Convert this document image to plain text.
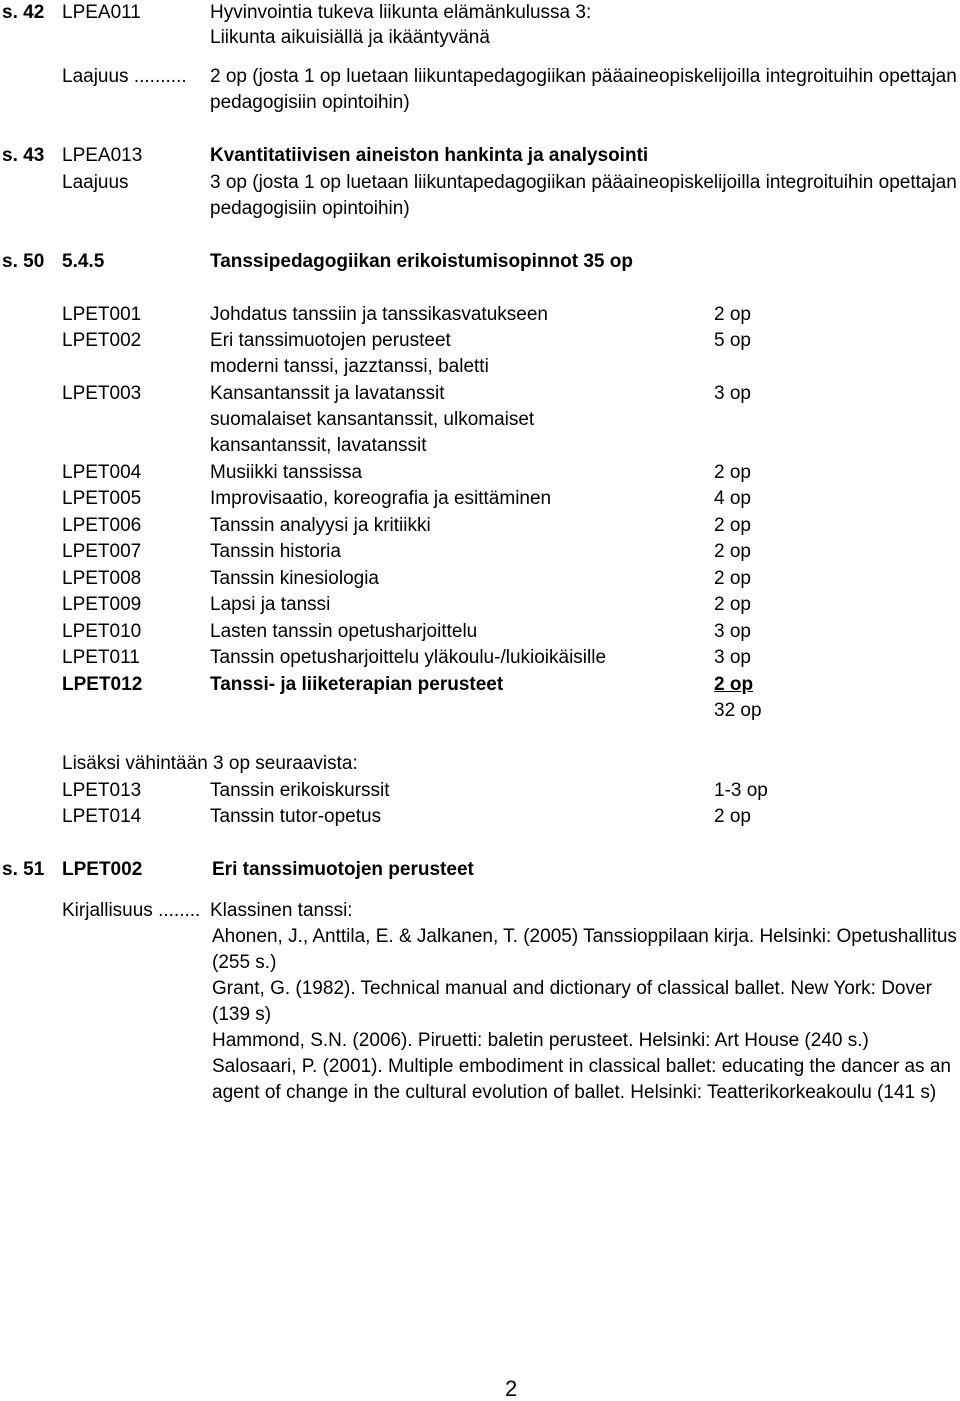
s. 42 LPEA011	Hyvinvointia tukeva liikunta elämänkulussa 3:
Liikunta aikuisiällä ja ikääntyvänä
Laajuus .......... 2 op (josta 1 op luetaan liikuntapedagogiikan pääaineopiskelijoilla integroituihin opettajan
pedagogisiin opintoihin)
s. 43 LPEA013	Kvantitatiivisen aineiston hankinta ja analysointi
Laajuus	3 op (josta 1 op luetaan liikuntapedagogiikan pääaineopiskelijoilla integroituihin opettajan
pedagogisiin opintoihin)
s. 50 5.4.5	Tanssipedagogiikan erikoistumisopinnot 35 op
LPET001	Johdatus tanssiin ja tanssikasvatukseen	2 op
LPET002	Eri tanssimuotojen perusteet	5 op
moderni tanssi, jazztanssi, baletti
LPET003	Kansantanssit ja lavatanssit	3 op
suomalaiset kansantanssit, ulkomaiset
kansantanssit, lavatanssit
LPET004	Musiikki tanssissa	2 op
LPET005	Improvisaatio, koreografia ja esittäminen	4 op
LPET006	Tanssin analyysi ja kritiikki	2 op
LPET007	Tanssin historia	2 op
LPET008	Tanssin kinesiologia	2 op
LPET009	Lapsi ja tanssi	2 op
LPET010	Lasten tanssin opetusharjoittelu	3 op
LPET011	Tanssin opetusharjoittelu yläkoulu-/lukioikäisille	3 op
LPET012	Tanssi- ja liiketerapian perusteet	2 op
32 op
Lisäksi vähintään 3 op seuraavista:
LPET013	Tanssin erikoiskurssit	1-3 op
LPET014	Tanssin tutor-opetus	2 op
s. 51 LPET002	Eri tanssimuotojen perusteet
Kirjallisuus ........ Klassinen tanssi:
Ahonen, J., Anttila, E. & Jalkanen, T. (2005) Tanssioppilaan kirja. Helsinki: Opetushallitus
(255 s.)
Grant, G. (1982). Technical manual and dictionary of classical ballet. New York: Dover
(139 s)
Hammond, S.N. (2006). Piruetti: baletin perusteet. Helsinki: Art House (240 s.)
Salosaari, P. (2001). Multiple embodiment in classical ballet: educating the dancer as an
agent of change in the cultural evolution of ballet. Helsinki: Teatterikorkeakoulu (141 s)
2
